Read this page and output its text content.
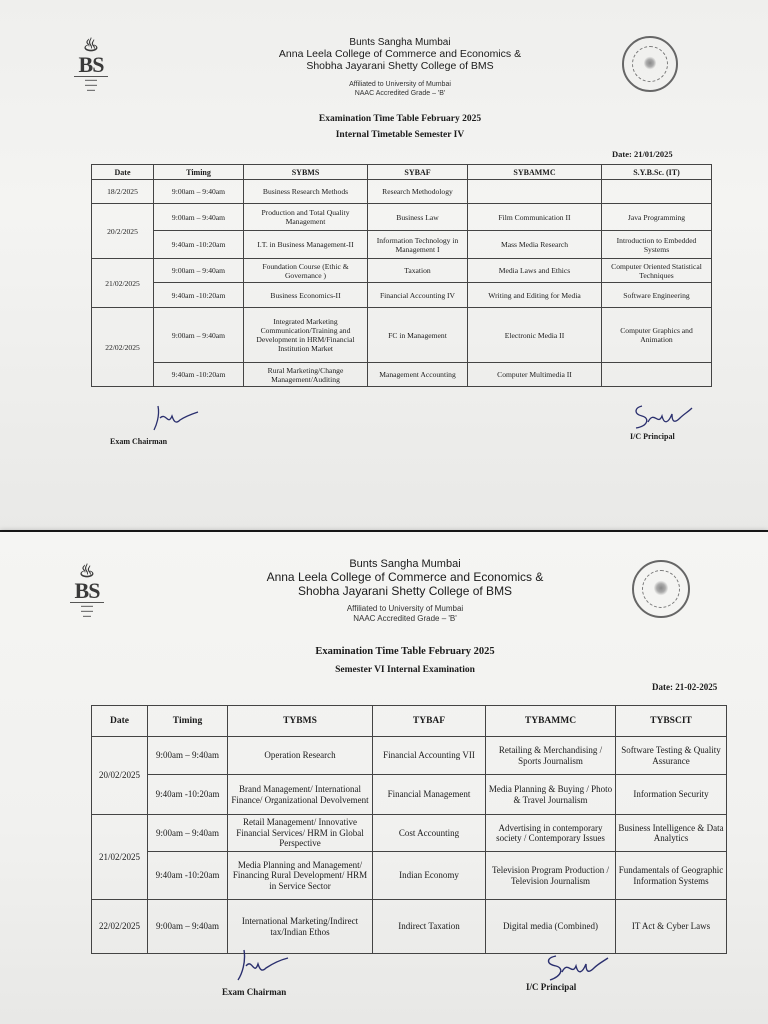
♨
BS
▬▬▬
▬▬▬
▬▬
Bunts Sangha Mumbai
Anna Leela College of Commerce and Economics &
Shobha Jayarani Shetty College of BMS
Affiliated to University of Mumbai
NAAC Accredited Grade – 'B'
Examination Time Table February 2025
Internal Timetable Semester IV
Date: 21/01/2025
Date	Timing	SYBMS	SYBAF	SYBAMMC	S.Y.B.Sc. (IT)
18/2/2025	9:00am – 9:40am	Business Research Methods	Research Methodology		
20/2/2025	9:00am – 9:40am	Production and Total Quality Management	Business Law	Film Communication II	Java Programming
	9:40am -10:20am	I.T. in Business Management-II	Information Technology in Management I	Mass Media Research	Introduction to Embedded Systems
21/02/2025	9:00am – 9:40am	Foundation Course (Ethic & Governance )	Taxation	Media Laws and Ethics	Computer Oriented Statistical Techniques
	9:40am -10:20am	Business Economics-II	Financial Accounting IV	Writing and Editing for Media	Software Engineering
22/02/2025	9:00am – 9:40am	Integrated Marketing Communication/Training and Development in HRM/Financial Institution Market	FC in Management	Electronic Media II	Computer Graphics and Animation
	9:40am -10:20am	Rural Marketing/Change Management/Auditing	Management Accounting	Computer Multimedia II	
Exam Chairman
I/C Principal
♨
BS
▬▬▬
▬▬▬
▬▬
Bunts Sangha Mumbai
Anna Leela College of Commerce and Economics &
Shobha Jayarani Shetty College of BMS
Affiliated to University of Mumbai
NAAC Accredited Grade – 'B'
Examination Time Table February 2025
Semester VI Internal Examination
Date: 21-02-2025
Date	Timing	TYBMS	TYBAF	TYBAMMC	TYBSCIT
20/02/2025	9:00am – 9:40am	Operation Research	Financial Accounting VII	Retailing & Merchandising / Sports Journalism	Software Testing & Quality Assurance
	9:40am -10:20am	Brand Management/ International Finance/ Organizational Devolvement	Financial Management	Media Planning & Buying / Photo & Travel Journalism	Information Security
21/02/2025	9:00am – 9:40am	Retail Management/ Innovative Financial Services/ HRM in Global Perspective	Cost Accounting	Advertising in contemporary society / Contemporary Issues	Business Intelligence & Data Analytics
	9:40am -10:20am	Media Planning and Management/ Financing Rural Development/ HRM in Service Sector	Indian Economy	Television Program Production / Television Journalism	Fundamentals of Geographic Information Systems
22/02/2025	9:00am – 9:40am	International Marketing/Indirect tax/Indian Ethos	Indirect Taxation	Digital media (Combined)	IT Act & Cyber Laws
Exam Chairman	I/C Principal
